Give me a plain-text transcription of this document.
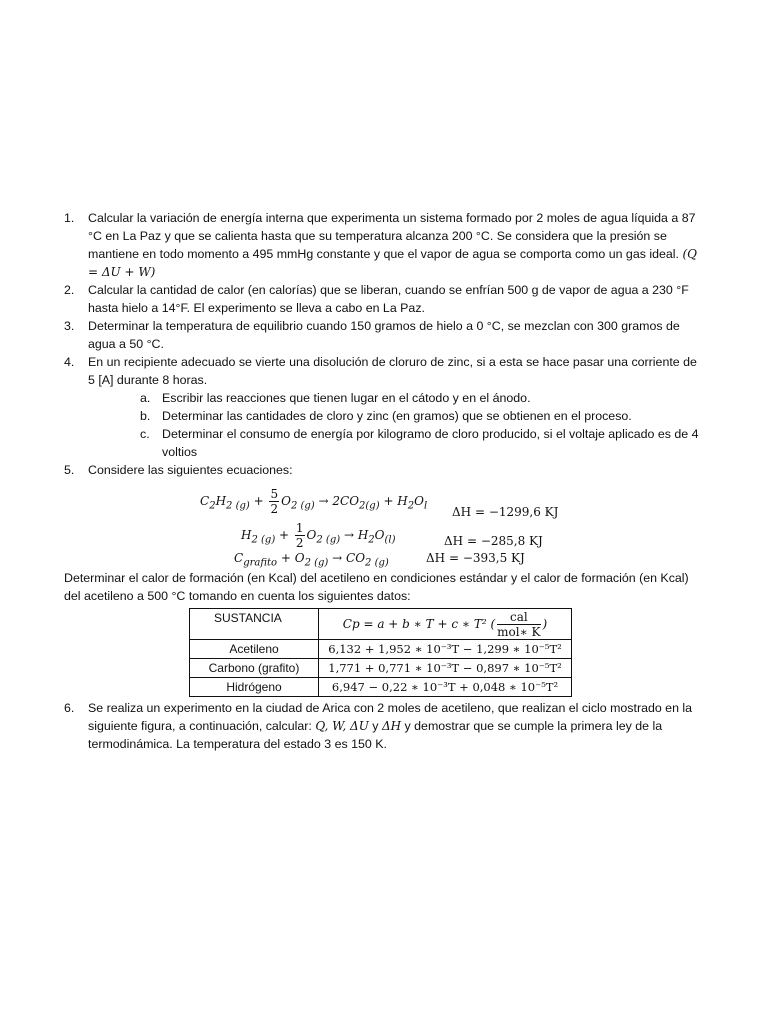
1. Calcular la variación de energía interna que experimenta un sistema formado por 2 moles de agua líquida a 87 °C en La Paz y que se calienta hasta que su temperatura alcanza 200 °C. Se considera que la presión se mantiene en todo momento a 495 mmHg constante y que el vapor de agua se comporta como un gas ideal. (Q = ΔU + W)
2. Calcular la cantidad de calor (en calorías) que se liberan, cuando se enfrían 500 g de vapor de agua a 230 °F hasta hielo a 14°F. El experimento se lleva a cabo en La Paz.
3. Determinar la temperatura de equilibrio cuando 150 gramos de hielo a 0 °C, se mezclan con 300 gramos de agua a 50 °C.
4. En un recipiente adecuado se vierte una disolución de cloruro de zinc, si a esta se hace pasar una corriente de 5 [A] durante 8 horas.
a. Escribir las reacciones que tienen lugar en el cátodo y en el ánodo.
b. Determinar las cantidades de cloro y zinc (en gramos) que se obtienen en el proceso.
c. Determinar el consumo de energía por kilogramo de cloro producido, si el voltaje aplicado es de 4 voltios
5. Considere las siguientes ecuaciones:
$C_2H_{2 (g)} + \frac{5}{2} O_{2 (g)} \to 2CO_{2(g)} + H_2O_l$ ΔH = −1299,6 KJ
$H_{2 (g)} + \frac{1}{2} O_{2 (g)} \to H_2O_{(l)}$	ΔH = −285,8 KJ
$C_{grafito} + O_{2 (g)} \to CO_{2 (g)}$	ΔH = −393,5 KJ
Determinar el calor de formación (en Kcal) del acetileno en condiciones estándar y el calor de formación (en Kcal) del acetileno a 500 °C tomando en cuenta los siguientes datos:
SUSTANCIA	Cp = a + b ∗ T + c ∗ T² ( $\frac{\text{cal}}{\text{mol∗ K}}$ )
Acetileno	6,132 + 1,952 ∗ 10⁻³T − 1,299 ∗ 10⁻⁵T²
Carbono (grafito)	1,771 + 0,771 ∗ 10⁻³T − 0,897 ∗ 10⁻⁵T²
Hidrógeno	6,947 − 0,22 ∗ 10⁻³T + 0,048 ∗ 10⁻⁵T²
6. Se realiza un experimento en la ciudad de Arica con 2 moles de acetileno, que realizan el ciclo mostrado en la siguiente figura, a continuación, calcular: Q, W, ΔU y ΔH y demostrar que se cumple la primera ley de la termodinámica. La temperatura del estado 3 es 150 K.
